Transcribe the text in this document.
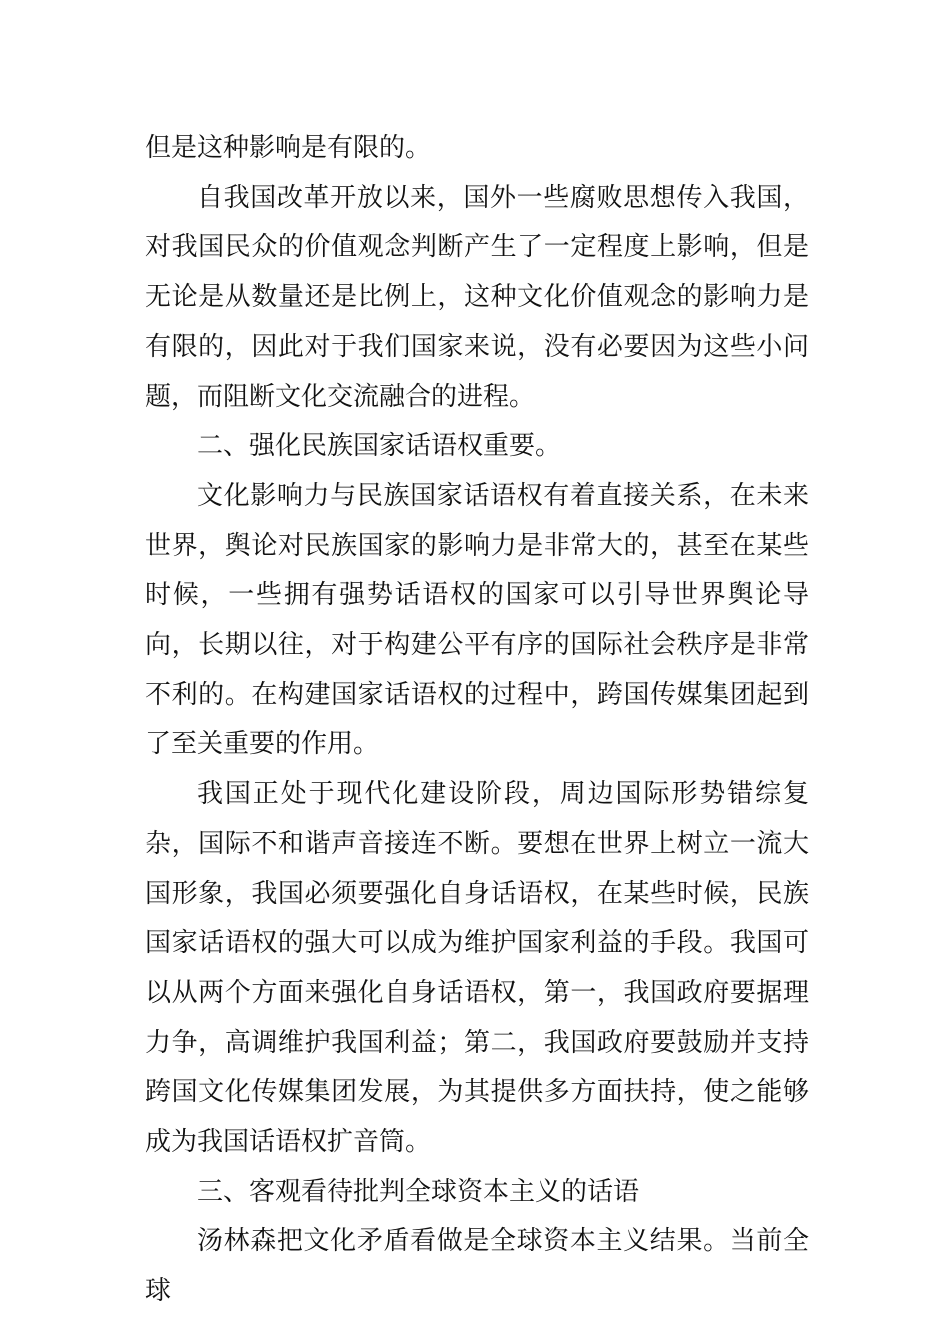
但是这种影响是有限的。

自我国改革开放以来，国外一些腐败思想传入我国，对我国民众的价值观念判断产生了一定程度上影响，但是无论是从数量还是比例上，这种文化价值观念的影响力是有限的，因此对于我们国家来说，没有必要因为这些小问题，而阻断文化交流融合的进程。

二、强化民族国家话语权重要。

文化影响力与民族国家话语权有着直接关系，在未来世界，舆论对民族国家的影响力是非常大的，甚至在某些时候，一些拥有强势话语权的国家可以引导世界舆论导向，长期以往，对于构建公平有序的国际社会秩序是非常不利的。在构建国家话语权的过程中，跨国传媒集团起到了至关重要的作用。

我国正处于现代化建设阶段，周边国际形势错综复杂，国际不和谐声音接连不断。要想在世界上树立一流大国形象，我国必须要强化自身话语权，在某些时候，民族国家话语权的强大可以成为维护国家利益的手段。我国可以从两个方面来强化自身话语权，第一，我国政府要据理力争，高调维护我国利益；第二，我国政府要鼓励并支持跨国文化传媒集团发展，为其提供多方面扶持，使之能够成为我国话语权扩音筒。

三、客观看待批判全球资本主义的话语

汤林森把文化矛盾看做是全球资本主义结果。当前全球
